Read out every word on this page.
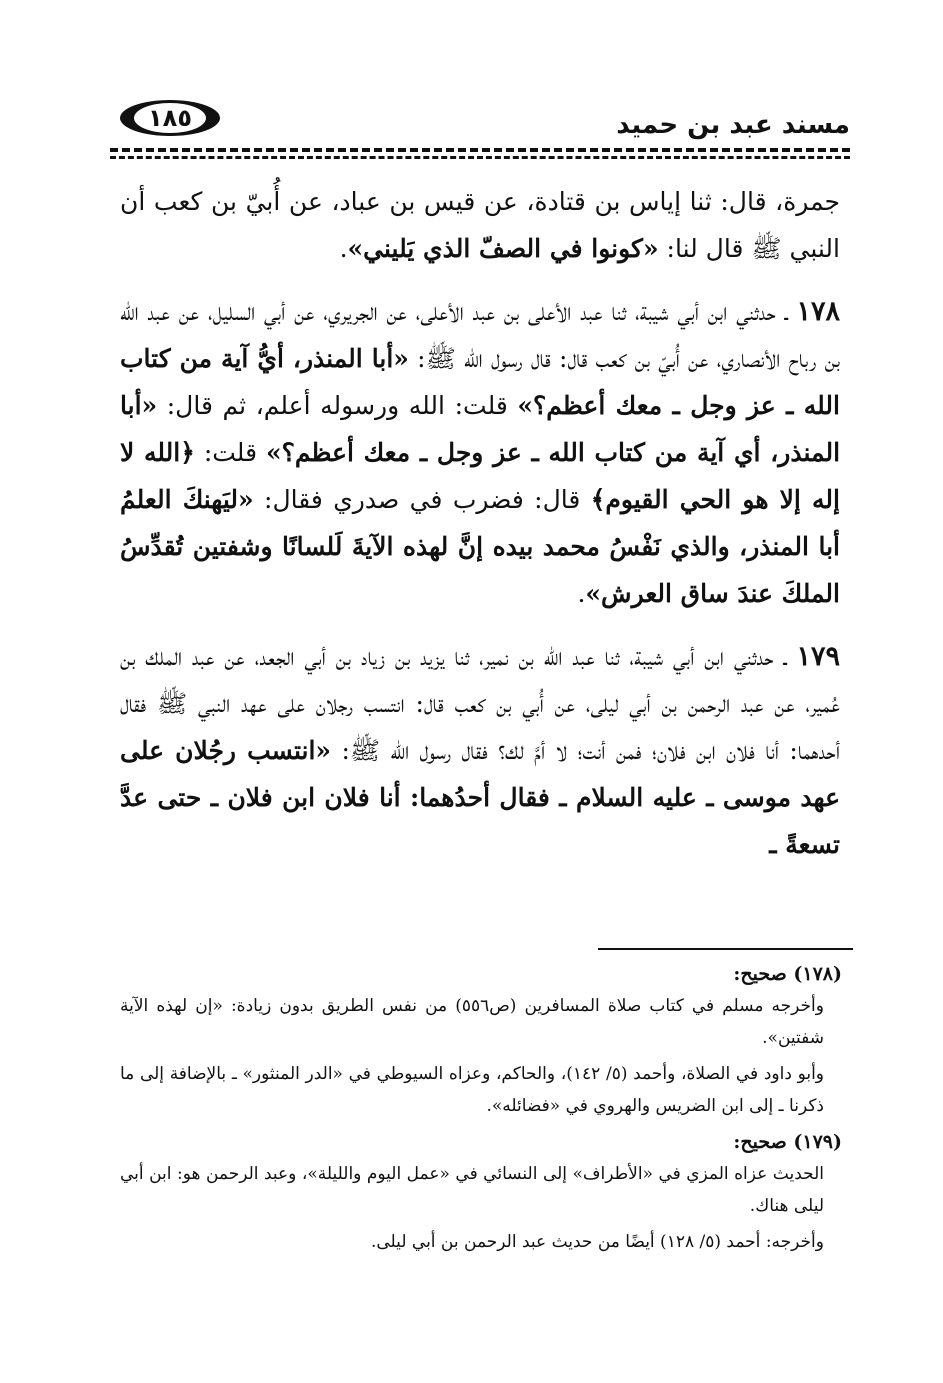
١٨٥	مسند عبد بن حميد

جمرة، قال: ثنا إياس بن قتادة، عن قيس بن عباد، عن أُبيّ بن كعب أن النبي ﷺ قال لنا: «كونوا في الصفّ الذي يَليني».

١٧٨ ـ حدثني ابن أبي شيبة، ثنا عبد الأعلى بن عبد الأعلى، عن الجريري، عن أبي السليل، عن عبد الله بن رباح الأنصاري، عن أُبيّ بن كعب قال: قال رسول الله ﷺ: «أبا المنذر، أيُّ آية من كتاب الله ـ عز وجل ـ معك أعظم؟» قلت: الله ورسوله أعلم، ثم قال: «أبا المنذر، أي آية من كتاب الله ـ عز وجل ـ معك أعظم؟» قلت: ﴿الله لا إله إلا هو الحي القيوم﴾ قال: فضرب في صدري فقال: «ليَهنكَ العلمُ أبا المنذر، والذي نَفْسُ محمد بيده إنَّ لهذه الآيةَ لَلسانًا وشفتين تُقدِّسُ الملكَ عندَ ساق العرش».

١٧٩ ـ حدثني ابن أبي شيبة، ثنا عبد الله بن نمير، ثنا يزيد بن زياد بن أبي الجعد، عن عبد الملك بن عُمير، عن عبد الرحمن بن أبي ليلى، عن أُبي بن كعب قال: انتسب رجلان على عهد النبي ﷺ فقال أحدهما: أنا فلان ابن فلان؛ فمن أنت؛ لا أمَّ لك؟ فقال رسول الله ﷺ: «انتسب رجُلان على عهد موسى ـ عليه السلام ـ فقال أحدُهما: أنا فلان ابن فلان ـ حتى عدَّ تسعةً ـ

(١٧٨) صحيح:

وأخرجه مسلم في كتاب صلاة المسافرين (ص٥٥٦) من نفس الطريق بدون زيادة: «إن لهذه الآية شفتين».

وأبو داود في الصلاة، وأحمد (٥/ ١٤٢)، والحاكم، وعزاه السيوطي في «الدر المنثور» ـ بالإضافة إلى ما ذكرنا ـ إلى ابن الضريس والهروي في «فضائله».

(١٧٩) صحيح:

الحديث عزاه المزي في «الأطراف» إلى النسائي في «عمل اليوم والليلة»، وعبد الرحمن هو: ابن أبي ليلى هناك.

وأخرجه: أحمد (٥/ ١٢٨) أيضًا من حديث عبد الرحمن بن أبي ليلى.
